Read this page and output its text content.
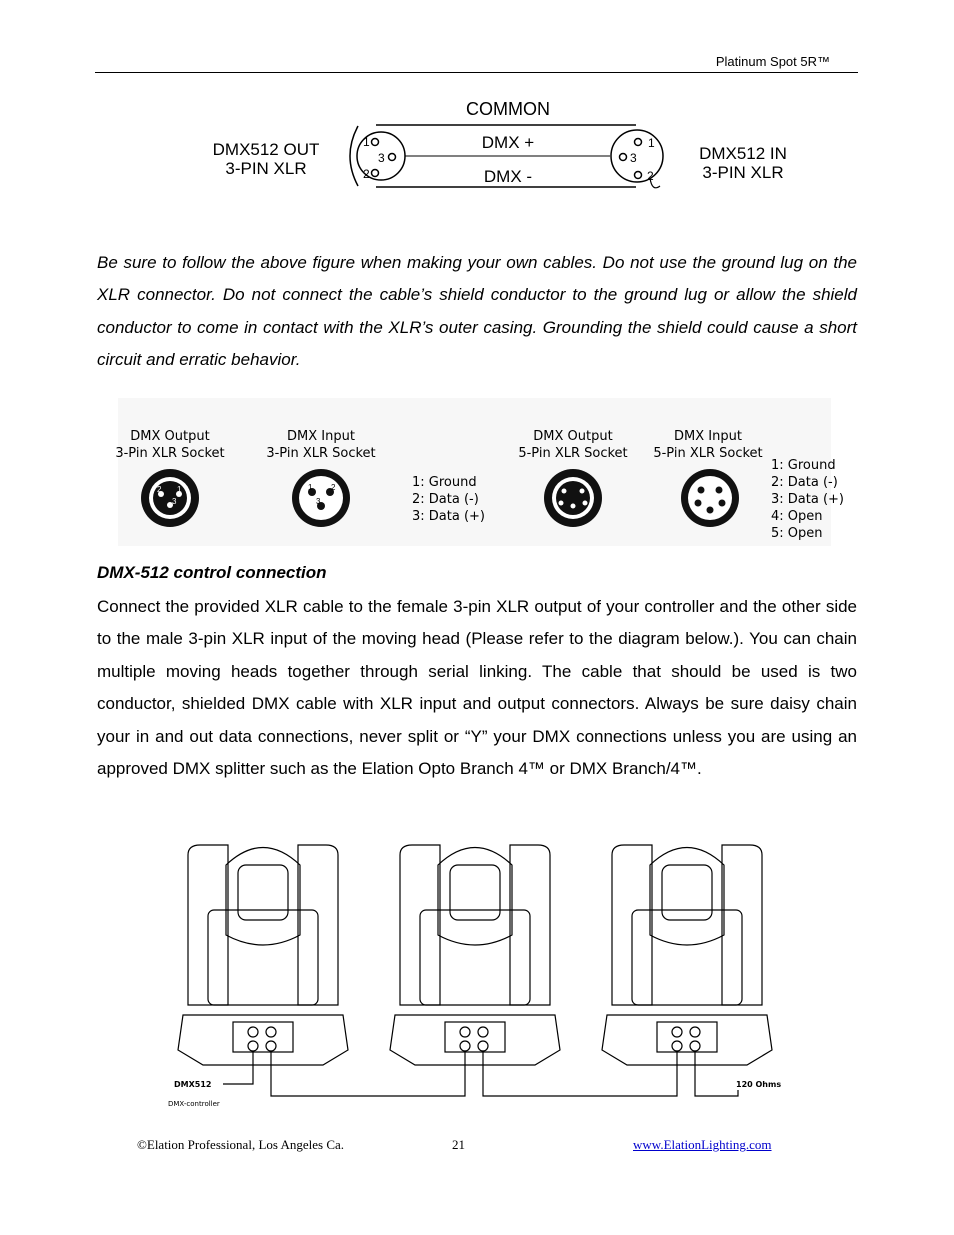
Platinum Spot 5R™
COMMON
DMX +
DMX -
1
3
2
1
3
2
DMX512 OUT
3-PIN XLR
DMX512 IN
3-PIN XLR
Be sure to follow the above figure when making your own cables. Do not use the ground lug on the XLR connector. Do not connect the cable’s shield conductor to the ground lug or allow the shield conductor to come in contact with the XLR’s outer casing. Grounding the shield could cause a short circuit and erratic behavior.
DMX Output
3-Pin XLR Socket
DMX Input
3-Pin XLR Socket
DMX Output
5-Pin XLR Socket
DMX Input
5-Pin XLR Socket
2 1
3
1 2
3
1: Ground
2: Data (-)
3: Data (+)
1: Ground
2: Data (-)
3: Data (+)
4: Open
5: Open
DMX-512 control connection
Connect the provided XLR cable to the female 3-pin XLR output of your controller and the other side to the male 3-pin XLR input of the moving head (Please refer to the diagram below.). You can chain multiple moving heads together through serial linking. The cable that should be used is two conductor, shielded DMX cable with XLR input and output connectors. Always be sure daisy chain your in and out data connections, never split or “Y” your DMX connections unless you are using an approved DMX splitter such as the Elation Opto Branch 4™ or DMX Branch/4™.
DMX512
DMX-controller
120 Ohms
©Elation Professional, Los Angeles Ca.	21	www.ElationLighting.com
